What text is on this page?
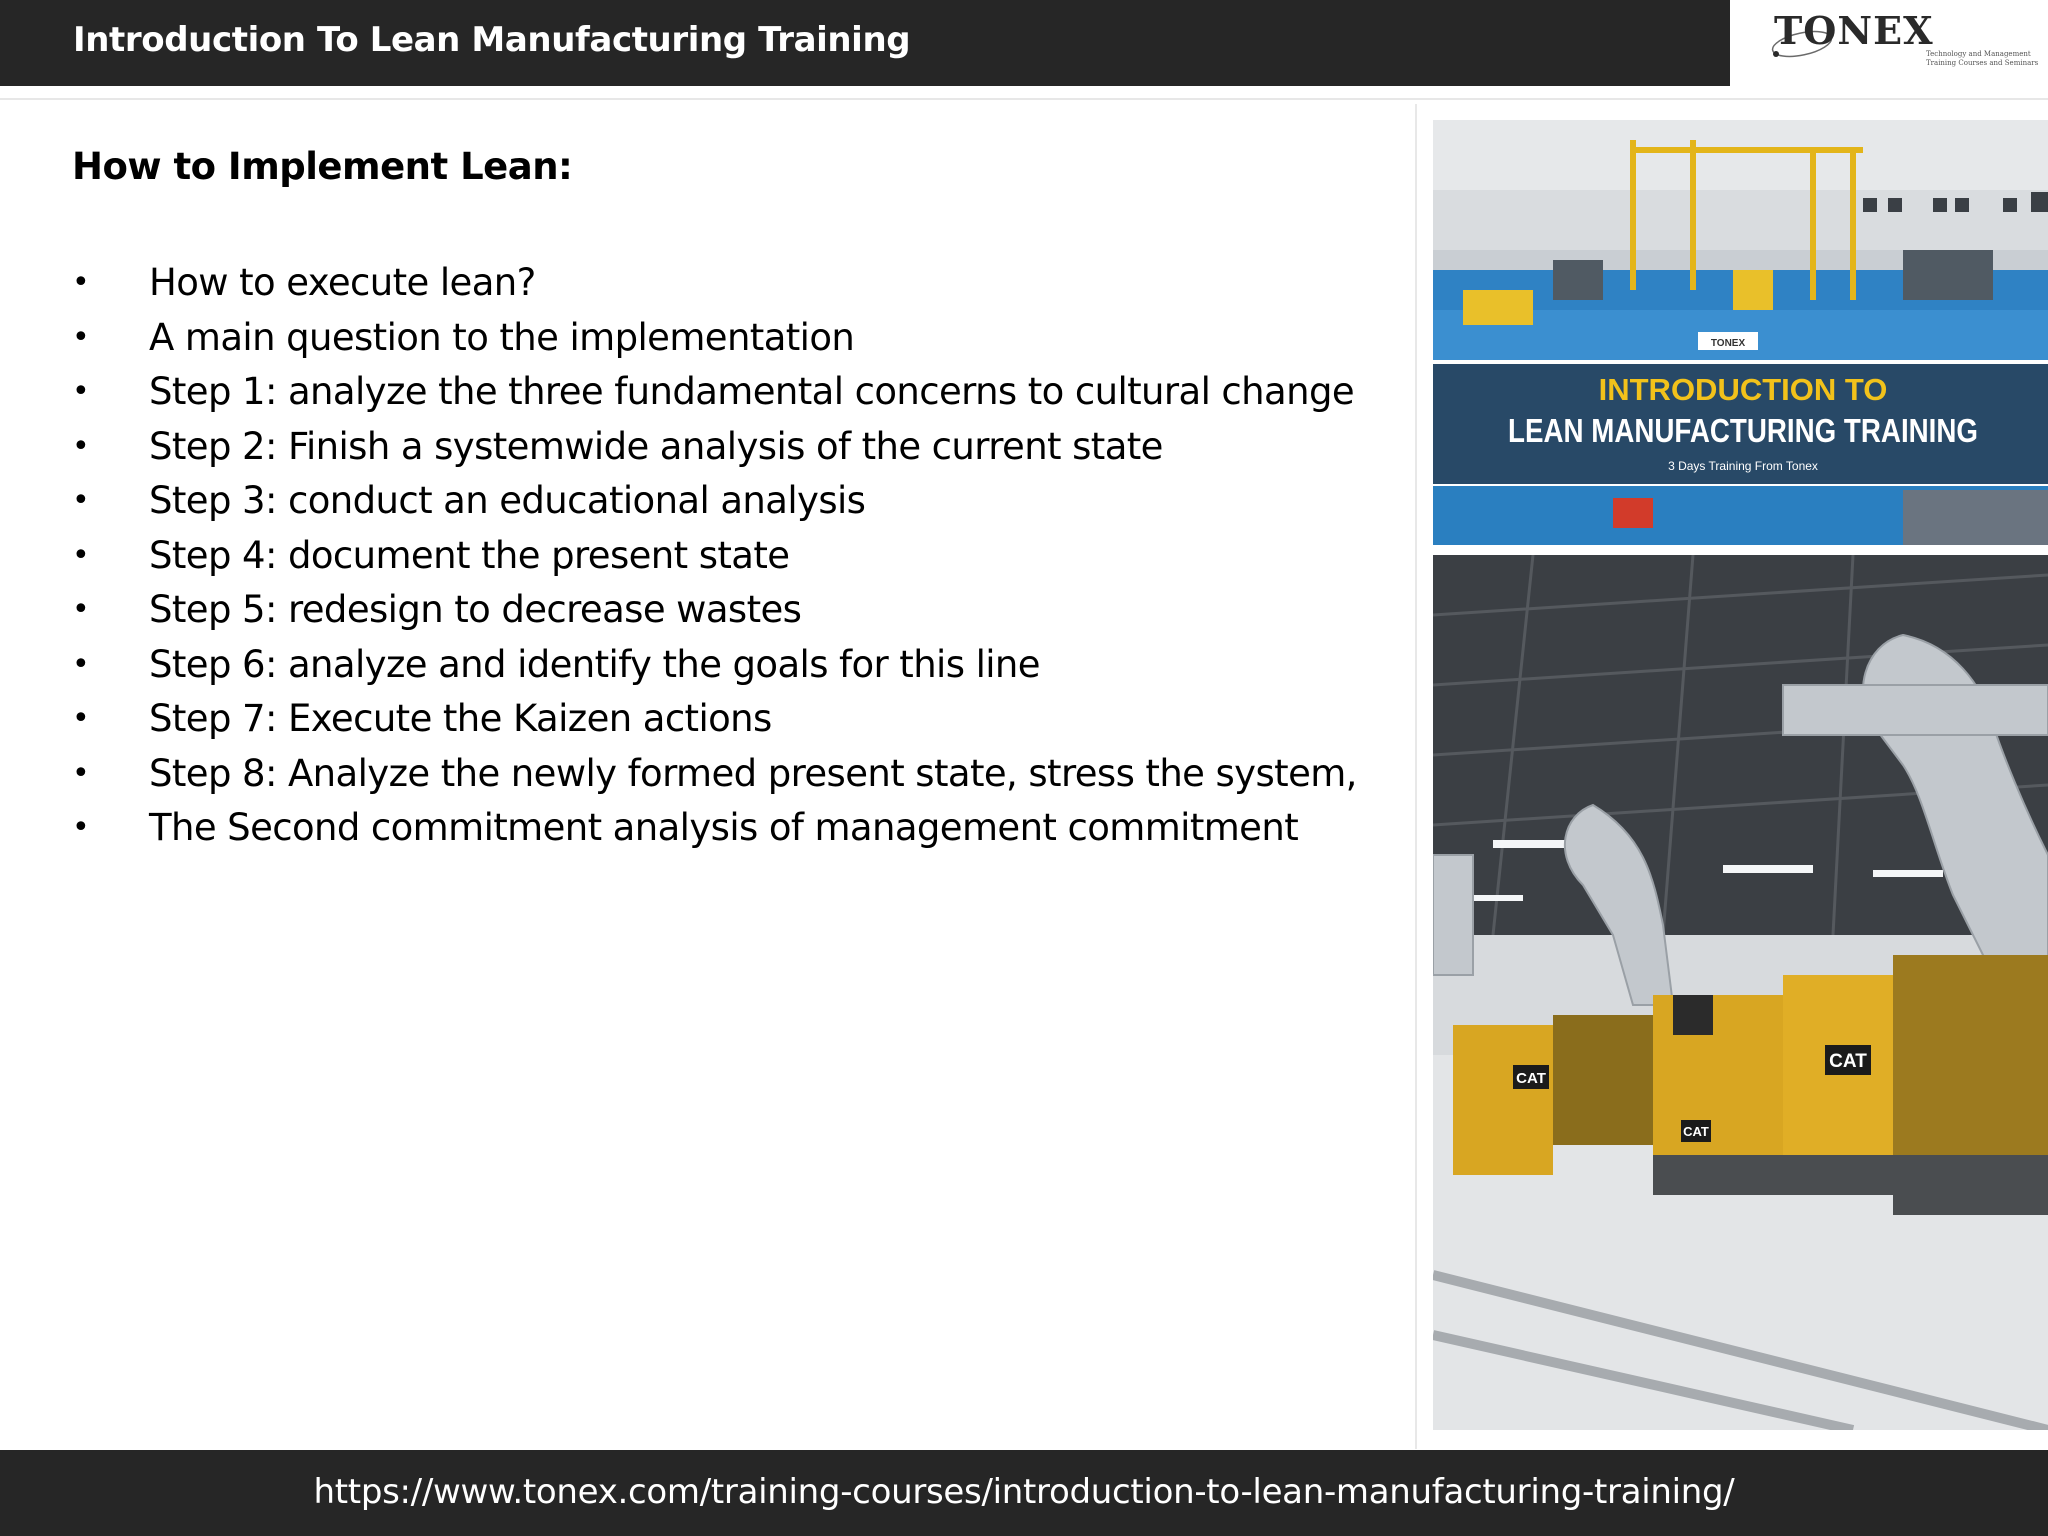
Introduction To Lean Manufacturing Training	TONEX
Technology and Management Training Courses and Seminars
How to Implement Lean:
• How to execute lean?
• A main question to the implementation
• Step 1: analyze the three fundamental concerns to cultural change
• Step 2: Finish a systemwide analysis of the current state
• Step 3: conduct an educational analysis
• Step 4: document the present state
• Step 5: redesign to decrease wastes
• Step 6: analyze and identify the goals for this line
• Step 7: Execute the Kaizen actions
• Step 8: Analyze the newly formed present state, stress the system,
• The Second commitment analysis of management commitment
TONEX
INTRODUCTION TO
LEAN MANUFACTURING TRAINING
3 Days Training From Tonex
CAT
CAT
CAT
https://www.tonex.com/training-courses/introduction-to-lean-manufacturing-training/
